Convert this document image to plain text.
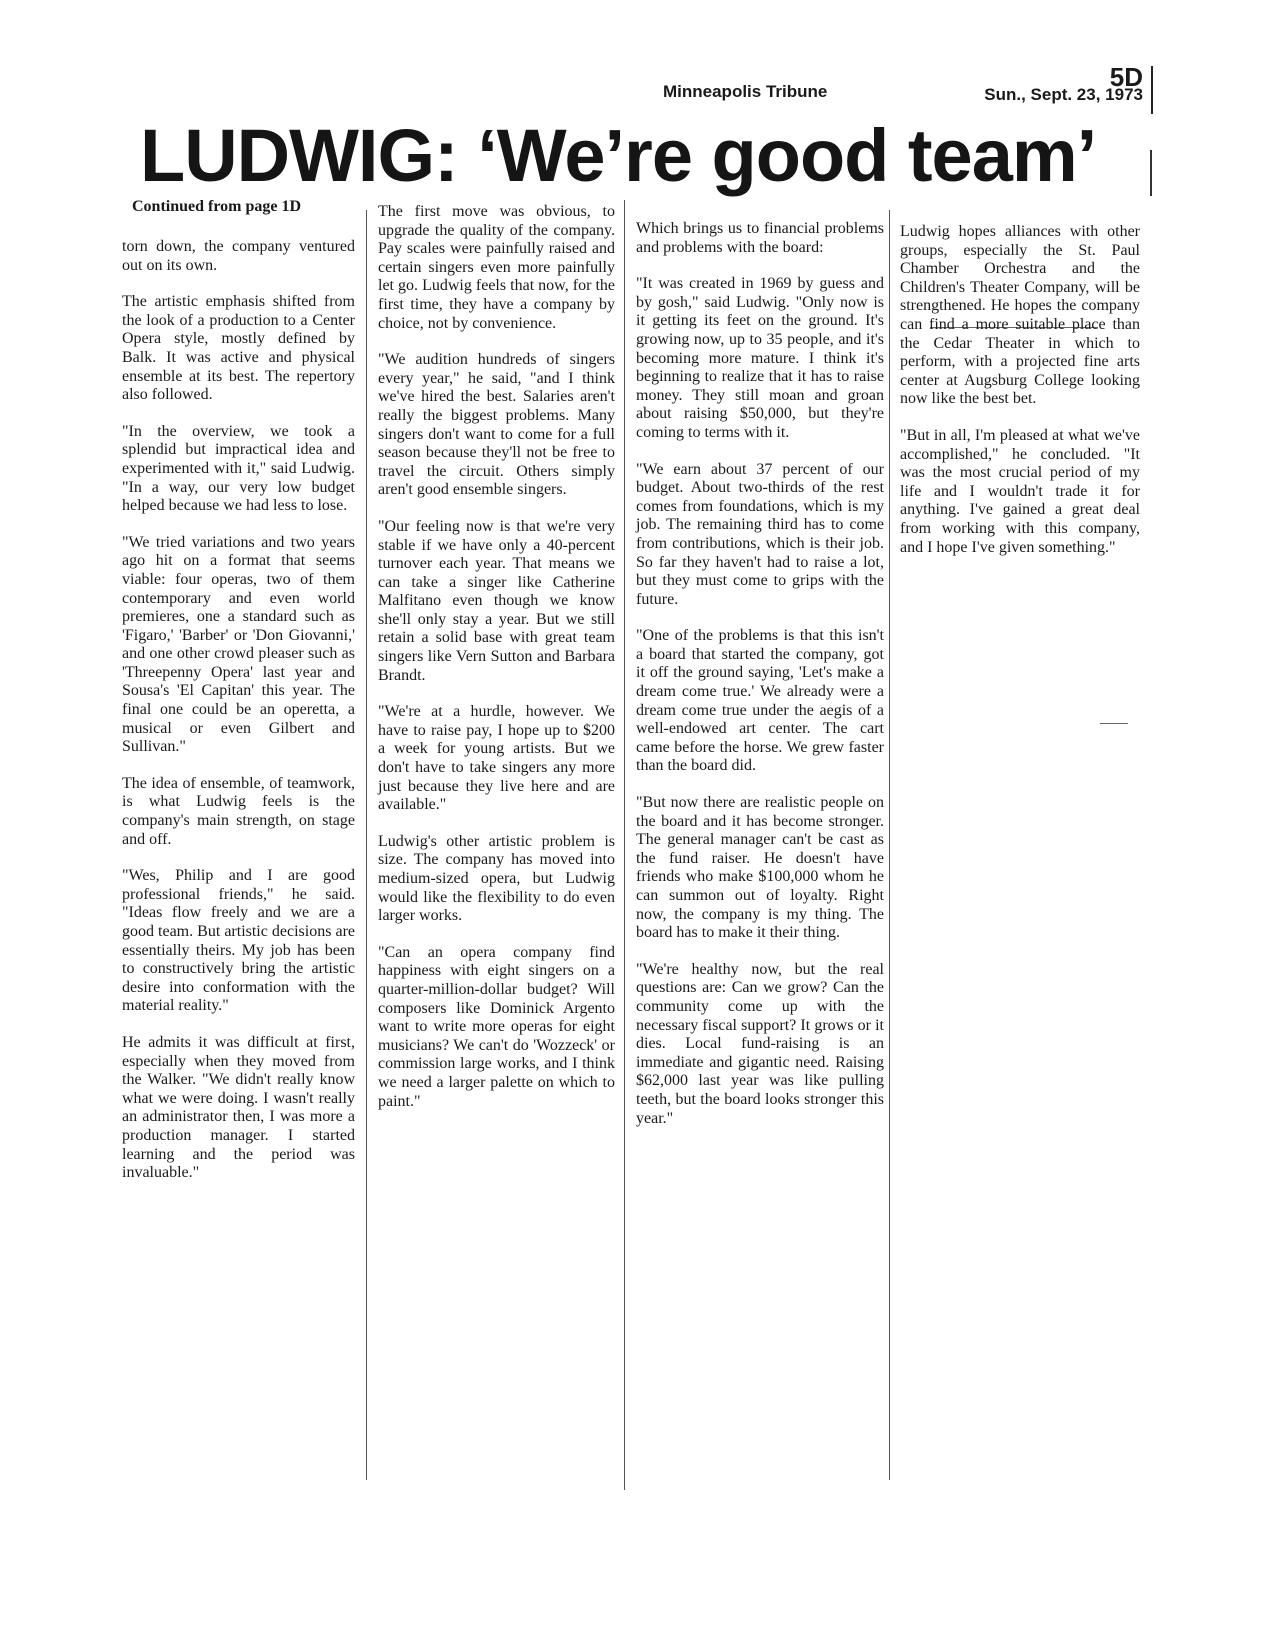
Minneapolis Tribune	5D
Sun., Sept. 23, 1973
LUDWIG: ‘We’re good team’
Continued from page 1D

torn down, the company ventured out on its own.

The artistic emphasis shifted from the look of a production to a Center Opera style, mostly defined by Balk. It was active and physical ensemble at its best. The repertory also followed.

"In the overview, we took a splendid but impractical idea and experimented with it," said Ludwig. "In a way, our very low budget helped because we had less to lose.

"We tried variations and two years ago hit on a format that seems viable: four operas, two of them contemporary and even world premieres, one a standard such as 'Figaro,' 'Barber' or 'Don Giovanni,' and one other crowd pleaser such as 'Threepenny Opera' last year and Sousa's 'El Capitan' this year. The final one could be an operetta, a musical or even Gilbert and Sullivan."

The idea of ensemble, of teamwork, is what Ludwig feels is the company's main strength, on stage and off.

"Wes, Philip and I are good professional friends," he said. "Ideas flow freely and we are a good team. But artistic decisions are essentially theirs. My job has been to constructively bring the artistic desire into conformation with the material reality."

He admits it was difficult at first, especially when they moved from the Walker. "We didn't really know what we were doing. I wasn't really an administrator then, I was more a production manager. I started learning and the period was invaluable."

The first move was obvious, to upgrade the quality of the company. Pay scales were painfully raised and certain singers even more painfully let go. Ludwig feels that now, for the first time, they have a company by choice, not by convenience.

"We audition hundreds of singers every year," he said, "and I think we've hired the best. Salaries aren't really the biggest problems. Many singers don't want to come for a full season because they'll not be free to travel the circuit. Others simply aren't good ensemble singers.

"Our feeling now is that we're very stable if we have only a 40-percent turnover each year. That means we can take a singer like Catherine Malfitano even though we know she'll only stay a year. But we still retain a solid base with great team singers like Vern Sutton and Barbara Brandt.

"We're at a hurdle, however. We have to raise pay, I hope up to $200 a week for young artists. But we don't have to take singers any more just because they live here and are available."

Ludwig's other artistic problem is size. The company has moved into medium-sized opera, but Ludwig would like the flexibility to do even larger works.

"Can an opera company find happiness with eight singers on a quarter-million-dollar budget? Will composers like Dominick Argento want to write more operas for eight musicians? We can't do 'Wozzeck' or commission large works, and I think we need a larger palette on which to paint."

Which brings us to financial problems and problems with the board:

"It was created in 1969 by guess and by gosh," said Ludwig. "Only now is it getting its feet on the ground. It's growing now, up to 35 people, and it's becoming more mature. I think it's beginning to realize that it has to raise money. They still moan and groan about raising $50,000, but they're coming to terms with it.

"We earn about 37 percent of our budget. About two-thirds of the rest comes from foundations, which is my job. The remaining third has to come from contributions, which is their job. So far they haven't had to raise a lot, but they must come to grips with the future.

"One of the problems is that this isn't a board that started the company, got it off the ground saying, 'Let's make a dream come true.' We already were a dream come true under the aegis of a well-endowed art center. The cart came before the horse. We grew faster than the board did.

"But now there are realistic people on the board and it has become stronger. The general manager can't be cast as the fund raiser. He doesn't have friends who make $100,000 whom he can summon out of loyalty. Right now, the company is my thing. The board has to make it their thing.

"We're healthy now, but the real questions are: Can we grow? Can the community come up with the necessary fiscal support? It grows or it dies. Local fund-raising is an immediate and gigantic need. Raising $62,000 last year was like pulling teeth, but the board looks stronger this year."

Ludwig hopes alliances with other groups, especially the St. Paul Chamber Orchestra and the Children's Theater Company, will be strengthened. He hopes the company can find a more suitable place than the Cedar Theater in which to perform, with a projected fine arts center at Augsburg College looking now like the best bet.

"But in all, I'm pleased at what we've accomplished," he concluded. "It was the most crucial period of my life and I wouldn't trade it for anything. I've gained a great deal from working with this company, and I hope I've given something."
